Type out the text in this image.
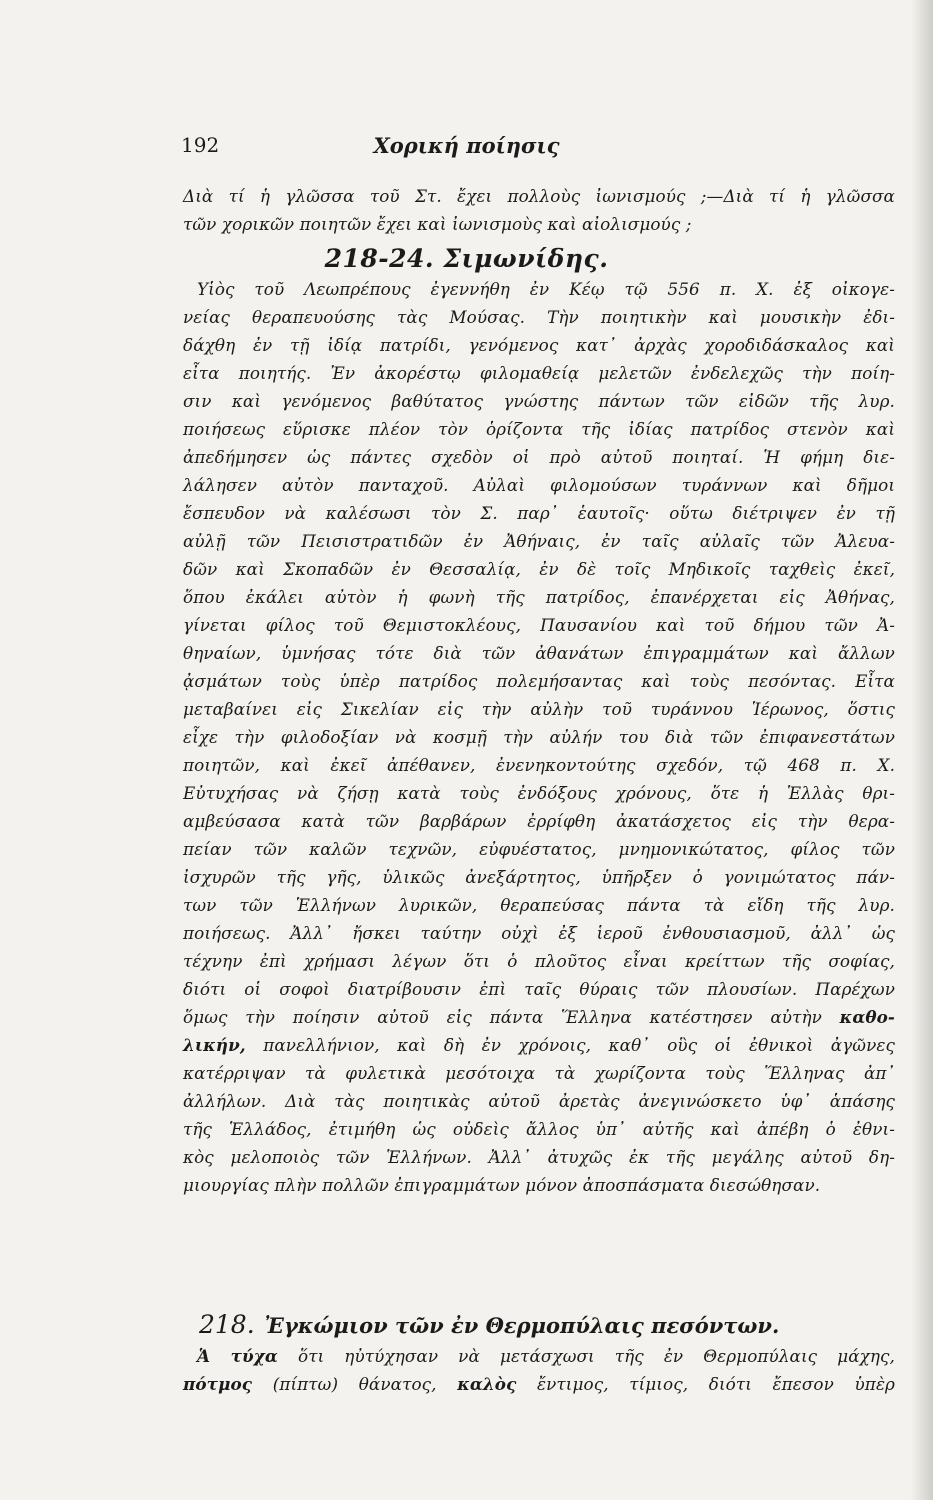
192	Χορική ποίησις
Διὰ τί ἡ γλῶσσα τοῦ Στ. ἔχει πολλοὺς ἰωνισμούς ;—Διὰ τί ἡ γλῶσσα
τῶν χορικῶν ποιητῶν ἔχει καὶ ἰωνισμοὺς καὶ αἰολισμούς ;
218-24. Σιμωνίδης.
Υἱὸς τοῦ Λεωπρέπους ἐγεννήθη ἐν Κέῳ τῷ 556 π. Χ. ἐξ οἰκογε-
νείας θεραπευούσης τὰς Μούσας. Τὴν ποιητικὴν καὶ μουσικὴν ἐδι-
δάχθη ἐν τῇ ἰδίᾳ πατρίδι, γενόμενος κατ᾽ ἀρχὰς χοροδιδάσκαλος καὶ
εἶτα ποιητής. Ἐν ἀκορέστῳ φιλομαθείᾳ μελετῶν ἐνδελεχῶς τὴν ποίη-
σιν καὶ γενόμενος βαθύτατος γνώστης πάντων τῶν εἰδῶν τῆς λυρ.
ποιήσεως εὕρισκε πλέον τὸν ὁρίζοντα τῆς ἰδίας πατρίδος στενὸν καὶ
ἀπεδήμησεν ὡς πάντες σχεδὸν οἱ πρὸ αὐτοῦ ποιηταί. Ἡ φήμη διε-
λάλησεν αὐτὸν πανταχοῦ. Αὐλαὶ φιλομούσων τυράννων καὶ δῆμοι
ἔσπευδον νὰ καλέσωσι τὸν Σ. παρ᾽ ἑαυτοῖς· οὕτω διέτριψεν ἐν τῇ
αὐλῇ τῶν Πεισιστρατιδῶν ἐν Ἀθήναις, ἐν ταῖς αὐλαῖς τῶν Ἀλευα-
δῶν καὶ Σκοπαδῶν ἐν Θεσσαλίᾳ, ἐν δὲ τοῖς Μηδικοῖς ταχθεὶς ἐκεῖ,
ὅπου ἐκάλει αὐτὸν ἡ φωνὴ τῆς πατρίδος, ἐπανέρχεται εἰς Ἀθήνας,
γίνεται φίλος τοῦ Θεμιστοκλέους, Παυσανίου καὶ τοῦ δήμου τῶν Ἀ-
θηναίων, ὑμνήσας τότε διὰ τῶν ἀθανάτων ἐπιγραμμάτων καὶ ἄλλων
ᾀσμάτων τοὺς ὑπὲρ πατρίδος πολεμήσαντας καὶ τοὺς πεσόντας. Εἶτα
μεταβαίνει εἰς Σικελίαν εἰς τὴν αὐλὴν τοῦ τυράννου Ἱέρωνος, ὅστις
εἶχε τὴν φιλοδοξίαν νὰ κοσμῇ τὴν αὐλήν του διὰ τῶν ἐπιφανεστάτων
ποιητῶν, καὶ ἐκεῖ ἀπέθανεν, ἐνενηκοντούτης σχεδόν, τῷ 468 π. Χ.
Εὐτυχήσας νὰ ζήσῃ κατὰ τοὺς ἐνδόξους χρόνους, ὅτε ἡ Ἑλλὰς θρι-
αμβεύσασα κατὰ τῶν βαρβάρων ἐρρίφθη ἀκατάσχετος εἰς τὴν θερα-
πείαν τῶν καλῶν τεχνῶν, εὐφυέστατος, μνημονικώτατος, φίλος τῶν
ἰσχυρῶν τῆς γῆς, ὑλικῶς ἀνεξάρτητος, ὑπῆρξεν ὁ γονιμώτατος πάν-
των τῶν Ἑλλήνων λυρικῶν, θεραπεύσας πάντα τὰ εἴδη τῆς λυρ.
ποιήσεως. Ἀλλ᾽ ἤσκει ταύτην οὐχὶ ἐξ ἱεροῦ ἐνθουσιασμοῦ, ἀλλ᾽ ὡς
τέχνην ἐπὶ χρήμασι λέγων ὅτι ὁ πλοῦτος εἶναι κρείττων τῆς σοφίας,
διότι οἱ σοφοὶ διατρίβουσιν ἐπὶ ταῖς θύραις τῶν πλουσίων. Παρέχων
ὅμως τὴν ποίησιν αὐτοῦ εἰς πάντα Ἕλληνα κατέστησεν αὐτὴν καθο-
λικήν, πανελλήνιον, καὶ δὴ ἐν χρόνοις, καθ᾽ οὓς οἱ ἐθνικοὶ ἀγῶνες
κατέρριψαν τὰ φυλετικὰ μεσότοιχα τὰ χωρίζοντα τοὺς Ἕλληνας ἀπ᾽
ἀλλήλων. Διὰ τὰς ποιητικὰς αὐτοῦ ἀρετὰς ἀνεγινώσκετο ὑφ᾽ ἁπάσης
τῆς Ἑλλάδος, ἐτιμήθη ὡς οὐδεὶς ἄλλος ὑπ᾽ αὐτῆς καὶ ἀπέβη ὁ ἐθνι-
κὸς μελοποιὸς τῶν Ἑλλήνων. Ἀλλ᾽ ἀτυχῶς ἐκ τῆς μεγάλης αὐτοῦ δη-
μιουργίας πλὴν πολλῶν ἐπιγραμμάτων μόνον ἀποσπάσματα διεσώθησαν.
218. Ἐγκώμιον τῶν ἐν Θερμοπύλαις πεσόντων.
Ἁ τύχα ὅτι ηὐτύχησαν νὰ μετάσχωσι τῆς ἐν Θερμοπύλαις μάχης,
πότμος (πίπτω) θάνατος, καλὸς ἔντιμος, τίμιος, διότι ἔπεσον ὑπὲρ
